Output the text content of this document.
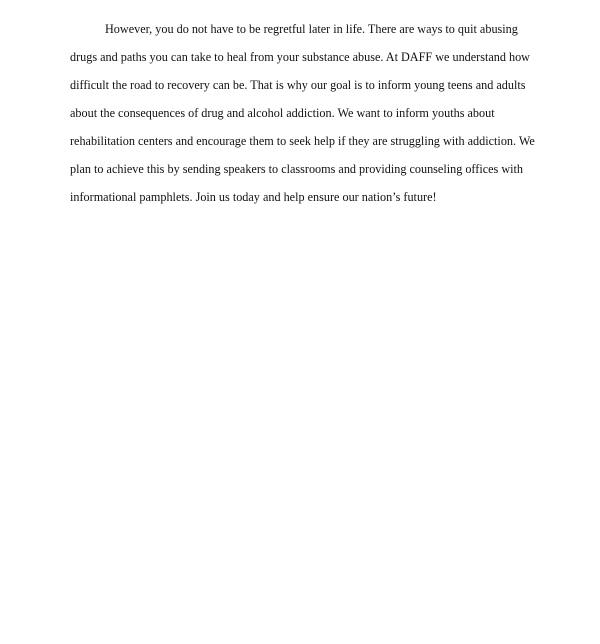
However, you do not have to be regretful later in life. There are ways to quit abusing
drugs and paths you can take to heal from your substance abuse. At DAFF we understand how
difficult the road to recovery can be. That is why our goal is to inform young teens and adults
about the consequences of drug and alcohol addiction. We want to inform youths about
rehabilitation centers and encourage them to seek help if they are struggling with addiction. We
plan to achieve this by sending speakers to classrooms and providing counseling offices with
informational pamphlets. Join us today and help ensure our nation’s future!
